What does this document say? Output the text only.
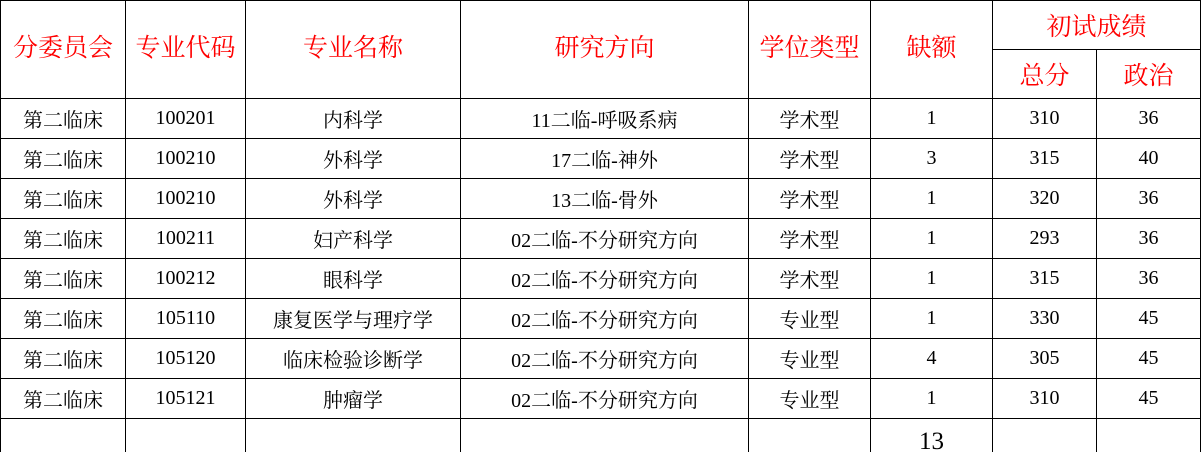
分委员会	专业代码	专业名称	研究方向	学位类型	缺额	初试成绩	
						总分	政治
第二临床	100201	内科学	11二临-呼吸系病	学术型	1	310	36
第二临床	100210	外科学	17二临-神外	学术型	3	315	40
第二临床	100210	外科学	13二临-骨外	学术型	1	320	36
第二临床	100211	妇产科学	02二临-不分研究方向	学术型	1	293	36
第二临床	100212	眼科学	02二临-不分研究方向	学术型	1	315	36
第二临床	105110	康复医学与理疗学	02二临-不分研究方向	专业型	1	330	45
第二临床	105120	临床检验诊断学	02二临-不分研究方向	专业型	4	305	45
第二临床	105121	肿瘤学	02二临-不分研究方向	专业型	1	310	45
					13		
